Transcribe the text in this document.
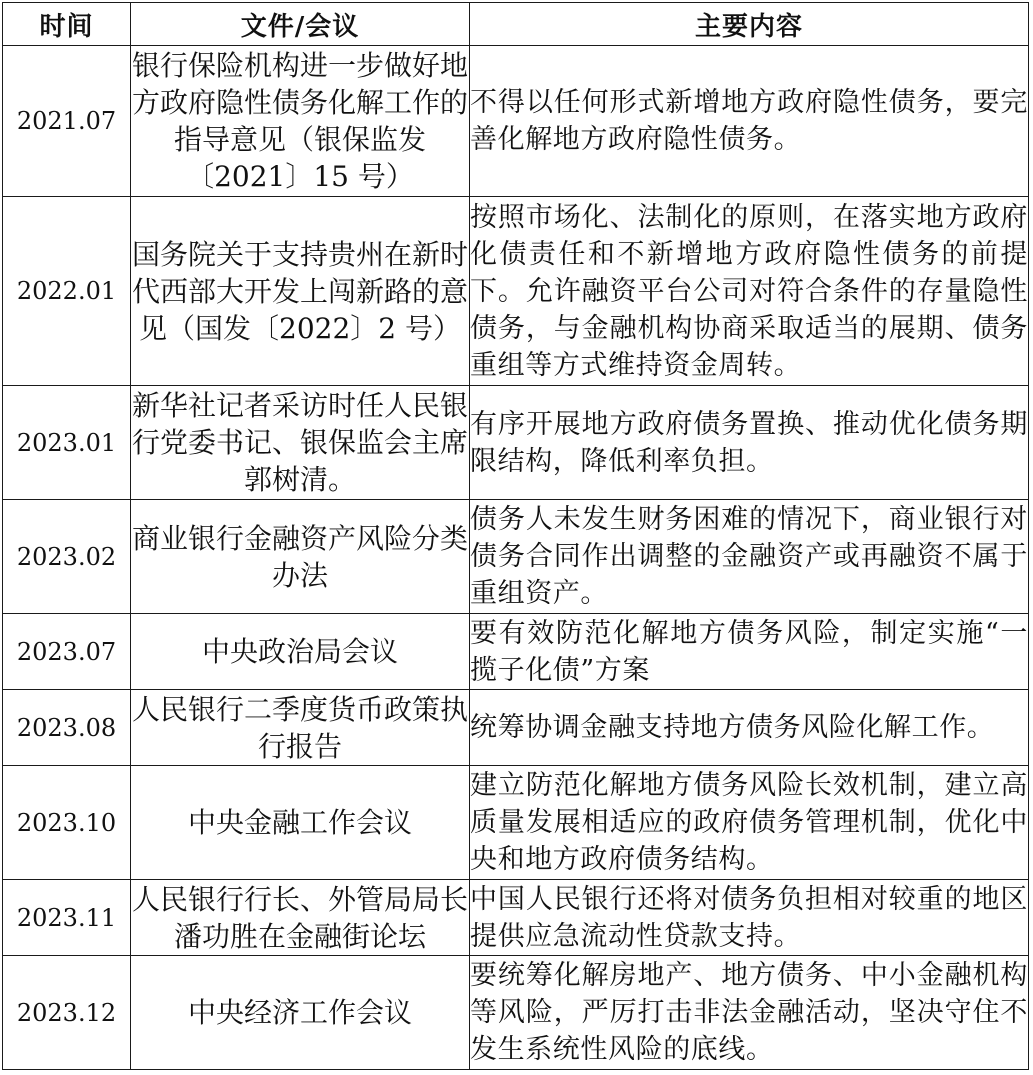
时间	文件/会议	主要内容
2021.07	银行保险机构进一步做好地方政府隐性债务化解工作的指导意见（银保监发〔2021〕15 号）	不得以任何形式新增地方政府隐性债务，要完善化解地方政府隐性债务。
2022.01	国务院关于支持贵州在新时代西部大开发上闯新路的意见（国发〔2022〕2 号）	按照市场化、法制化的原则，在落实地方政府化债责任和不新增地方政府隐性债务的前提下。允许融资平台公司对符合条件的存量隐性债务，与金融机构协商采取适当的展期、债务重组等方式维持资金周转。
2023.01	新华社记者采访时任人民银行党委书记、银保监会主席郭树清。	有序开展地方政府债务置换、推动优化债务期限结构，降低利率负担。
2023.02	商业银行金融资产风险分类办法	债务人未发生财务困难的情况下，商业银行对债务合同作出调整的金融资产或再融资不属于重组资产。
2023.07	中央政治局会议	要有效防范化解地方债务风险，制定实施“一揽子化债”方案
2023.08	人民银行二季度货币政策执行报告	统筹协调金融支持地方债务风险化解工作。
2023.10	中央金融工作会议	建立防范化解地方债务风险长效机制，建立高质量发展相适应的政府债务管理机制，优化中央和地方政府债务结构。
2023.11	人民银行行长、外管局局长潘功胜在金融街论坛	中国人民银行还将对债务负担相对较重的地区提供应急流动性贷款支持。
2023.12	中央经济工作会议	要统筹化解房地产、地方债务、中小金融机构等风险，严厉打击非法金融活动，坚决守住不发生系统性风险的底线。
